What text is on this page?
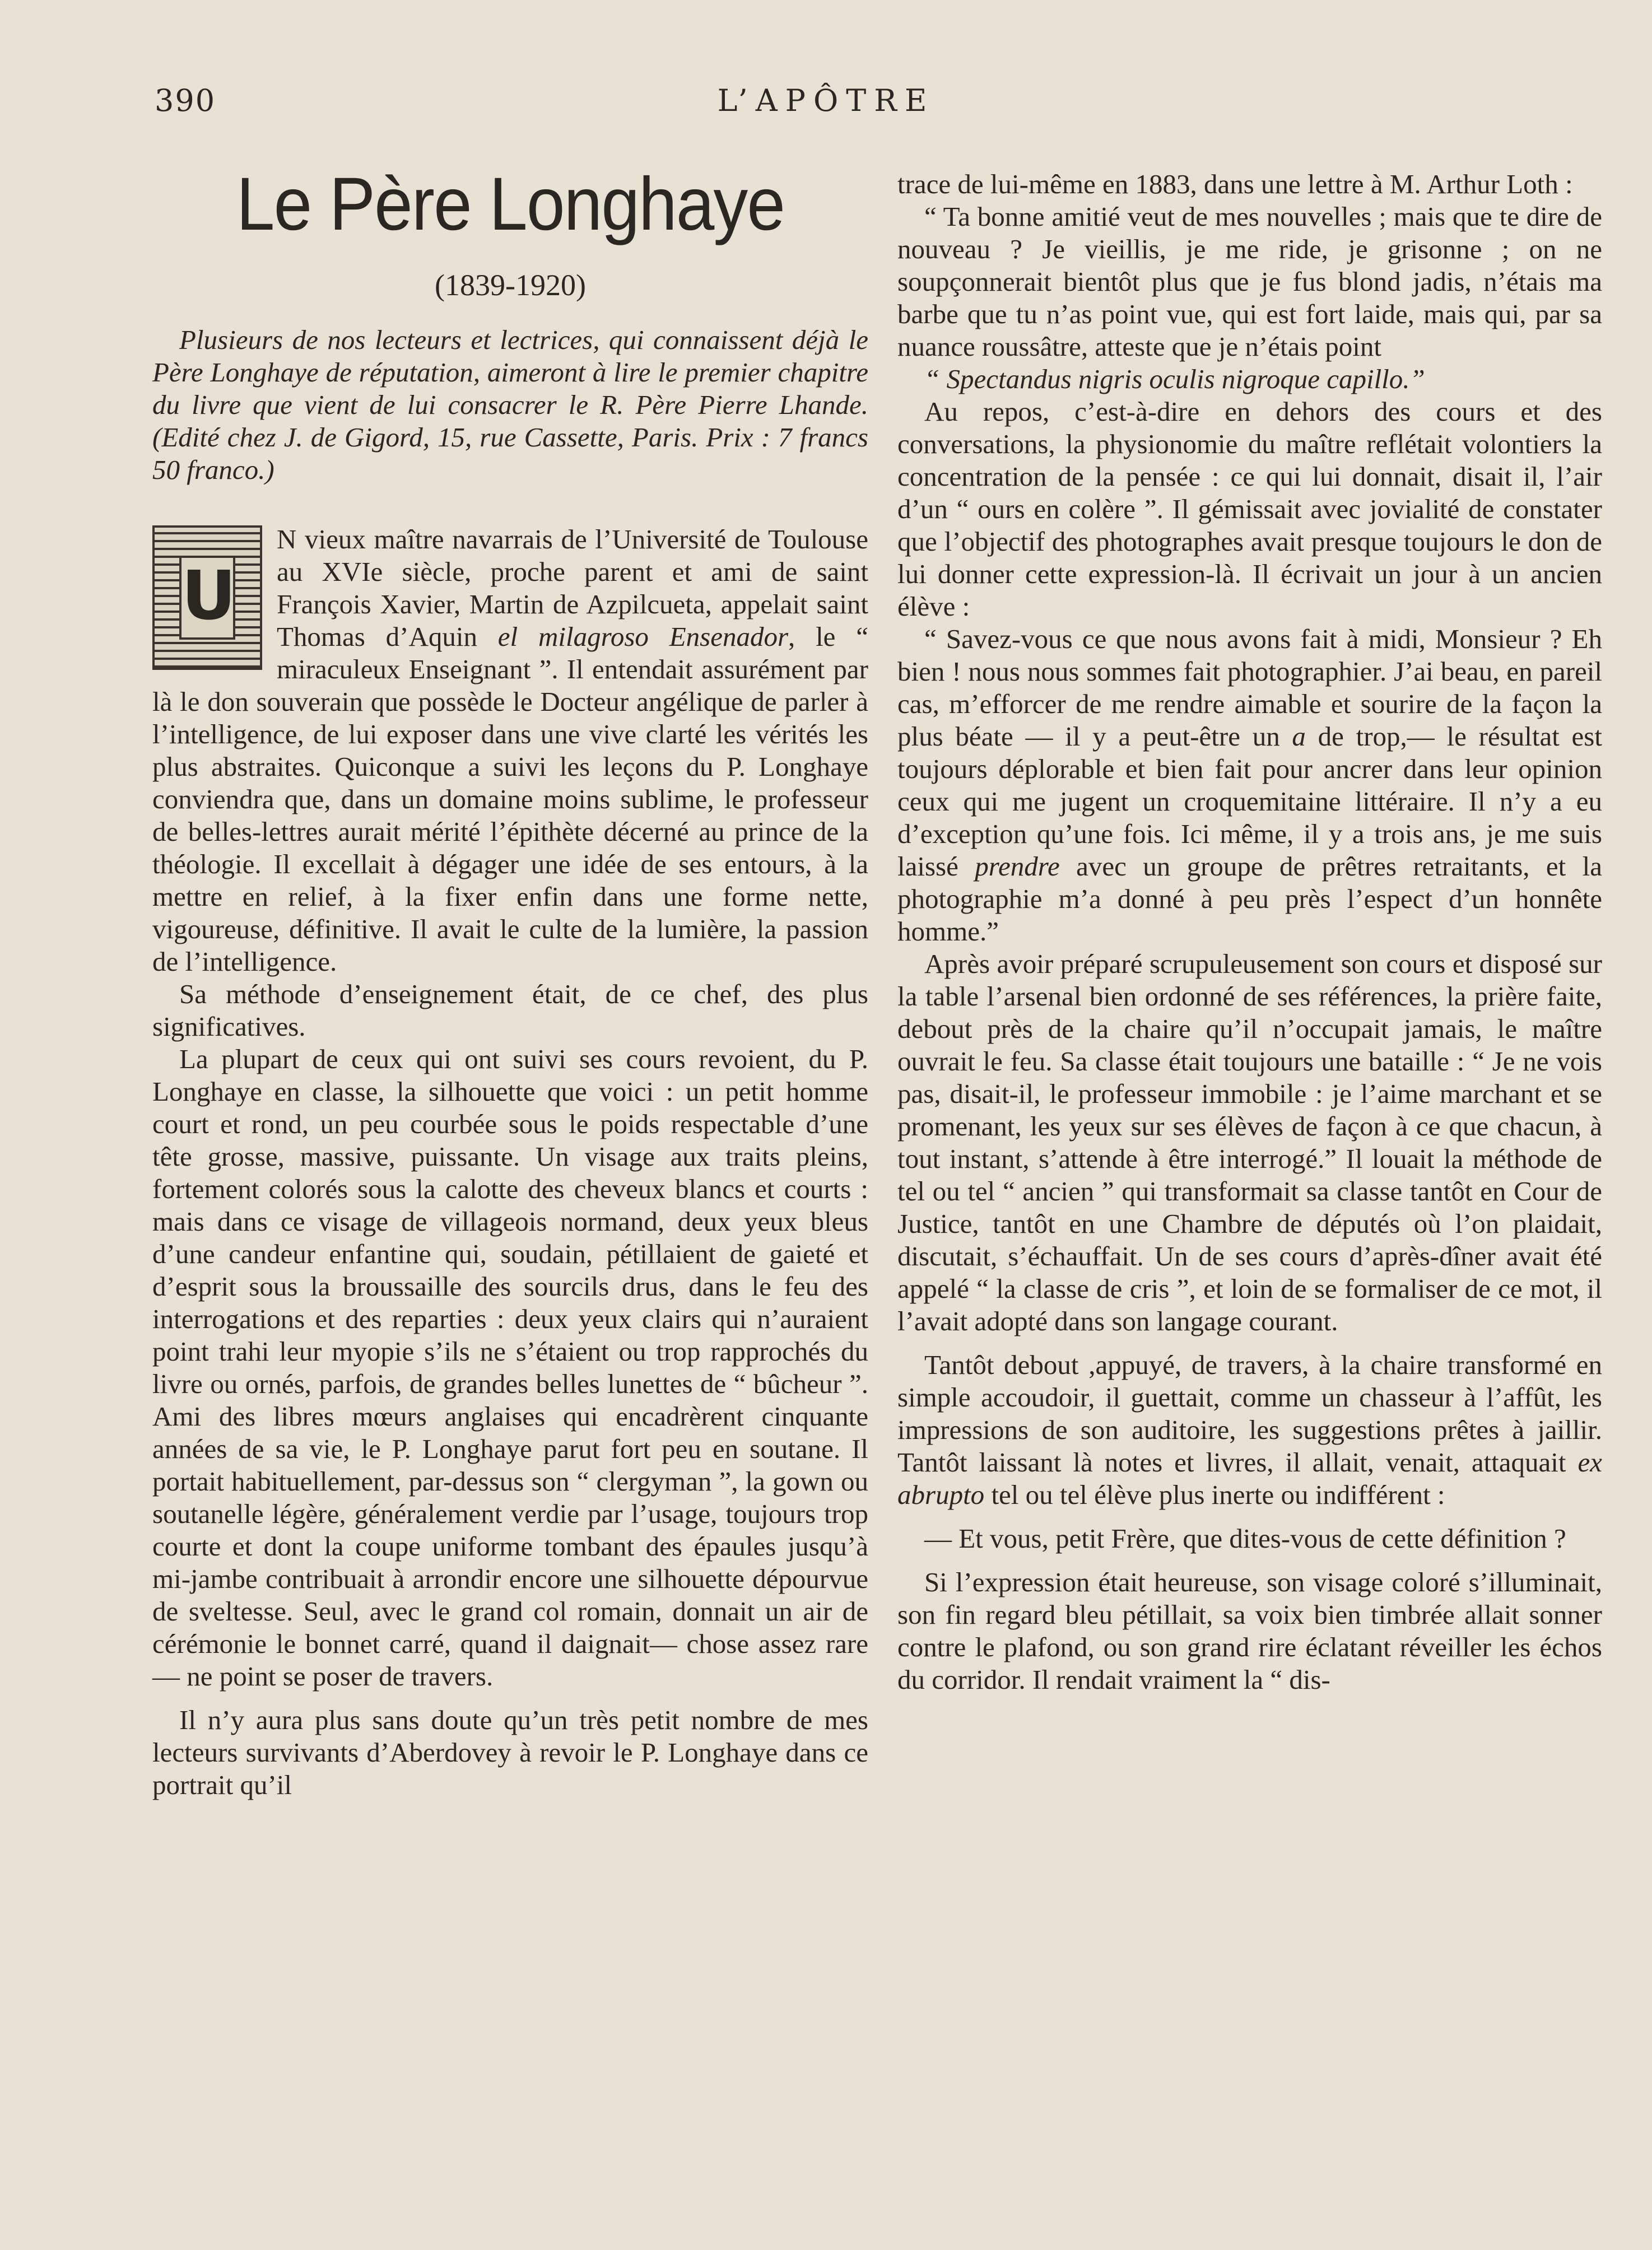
390	L’APÔTRE
Le Père Longhaye
(1839-1920)

Plusieurs de nos lecteurs et lectrices, qui connaissent déjà le Père Longhaye de réputation, aimeront à lire le premier chapitre du livre que vient de lui consacrer le R. Père Pierre Lhande. (Edité chez J. de Gigord, 15, rue Cassette, Paris. Prix : 7 francs 50 franco.)

U
N vieux maître navarrais de l’Université de Toulouse au XVIe siècle, proche parent et ami de saint François Xavier, Martin de Azpilcueta, appelait saint Thomas d’Aquin el milagroso Ensenador, le “ miraculeux Enseignant ”. Il entendait assurément par là le don souverain que possède le Docteur angélique de parler à l’intelligence, de lui exposer dans une vive clarté les vérités les plus abstraites. Quiconque a suivi les leçons du P. Longhaye conviendra que, dans un domaine moins sublime, le professeur de belles-lettres aurait mérité l’épithète décerné au prince de la théologie. Il excellait à dégager une idée de ses entours, à la mettre en relief, à la fixer enfin dans une forme nette, vigoureuse, définitive. Il avait le culte de la lumière, la passion de l’intelligence.

Sa méthode d’enseignement était, de ce chef, des plus significatives.

La plupart de ceux qui ont suivi ses cours revoient, du P. Longhaye en classe, la silhouette que voici : un petit homme court et rond, un peu courbée sous le poids respectable d’une tête grosse, massive, puissante. Un visage aux traits pleins, fortement colorés sous la calotte des cheveux blancs et courts : mais dans ce visage de villageois normand, deux yeux bleus d’une candeur enfantine qui, soudain, pétillaient de gaieté et d’esprit sous la broussaille des sourcils drus, dans le feu des interrogations et des reparties : deux yeux clairs qui n’auraient point trahi leur myopie s’ils ne s’étaient ou trop rapprochés du livre ou ornés, parfois, de grandes belles lunettes de “ bûcheur ”. Ami des libres mœurs anglaises qui encadrèrent cinquante années de sa vie, le P. Longhaye parut fort peu en soutane. Il portait habituellement, par-dessus son “ clergyman ”, la gown ou soutanelle légère, généralement verdie par l’usage, toujours trop courte et dont la coupe uniforme tombant des épaules jusqu’à mi-jambe contribuait à arrondir encore une silhouette dépourvue de sveltesse. Seul, avec le grand col romain, donnait un air de cérémonie le bonnet carré, quand il daignait— chose assez rare — ne point se poser de travers.

Il n’y aura plus sans doute qu’un très petit nombre de mes lecteurs survivants d’Aberdovey à revoir le P. Longhaye dans ce portrait qu’il

trace de lui-même en 1883, dans une lettre à M. Arthur Loth :

“ Ta bonne amitié veut de mes nouvelles ; mais que te dire de nouveau ? Je vieillis, je me ride, je grisonne ; on ne soupçonnerait bientôt plus que je fus blond jadis, n’étais ma barbe que tu n’as point vue, qui est fort laide, mais qui, par sa nuance roussâtre, atteste que je n’étais point

“ Spectandus nigris oculis nigroque capillo.”

Au repos, c’est-à-dire en dehors des cours et des conversations, la physionomie du maître reflétait volontiers la concentration de la pensée : ce qui lui donnait, disait il, l’air d’un “ ours en colère ”. Il gémissait avec jovialité de constater que l’objectif des photographes avait presque toujours le don de lui donner cette expression-là. Il écrivait un jour à un ancien élève :

“ Savez-vous ce que nous avons fait à midi, Monsieur ? Eh bien ! nous nous sommes fait photographier. J’ai beau, en pareil cas, m’efforcer de me rendre aimable et sourire de la façon la plus béate — il y a peut-être un a de trop,— le résultat est toujours déplorable et bien fait pour ancrer dans leur opinion ceux qui me jugent un croquemitaine littéraire. Il n’y a eu d’exception qu’une fois. Ici même, il y a trois ans, je me suis laissé prendre avec un groupe de prêtres retraitants, et la photographie m’a donné à peu près l’espect d’un honnête homme.”

Après avoir préparé scrupuleusement son cours et disposé sur la table l’arsenal bien ordonné de ses références, la prière faite, debout près de la chaire qu’il n’occupait jamais, le maître ouvrait le feu. Sa classe était toujours une bataille : “ Je ne vois pas, disait-il, le professeur immobile : je l’aime marchant et se promenant, les yeux sur ses élèves de façon à ce que chacun, à tout instant, s’attende à être interrogé.” Il louait la méthode de tel ou tel “ ancien ” qui transformait sa classe tantôt en Cour de Justice, tantôt en une Chambre de députés où l’on plaidait, discutait, s’échauffait. Un de ses cours d’après-dîner avait été appelé “ la classe de cris ”, et loin de se formaliser de ce mot, il l’avait adopté dans son langage courant.

Tantôt debout ,appuyé, de travers, à la chaire transformé en simple accoudoir, il guettait, comme un chasseur à l’affût, les impressions de son auditoire, les suggestions prêtes à jaillir. Tantôt laissant là notes et livres, il allait, venait, attaquait ex abrupto tel ou tel élève plus inerte ou indifférent :

— Et vous, petit Frère, que dites-vous de cette définition ?

Si l’expression était heureuse, son visage coloré s’illuminait, son fin regard bleu pétillait, sa voix bien timbrée allait sonner contre le plafond, ou son grand rire éclatant réveiller les échos du corridor. Il rendait vraiment la “ dis-
